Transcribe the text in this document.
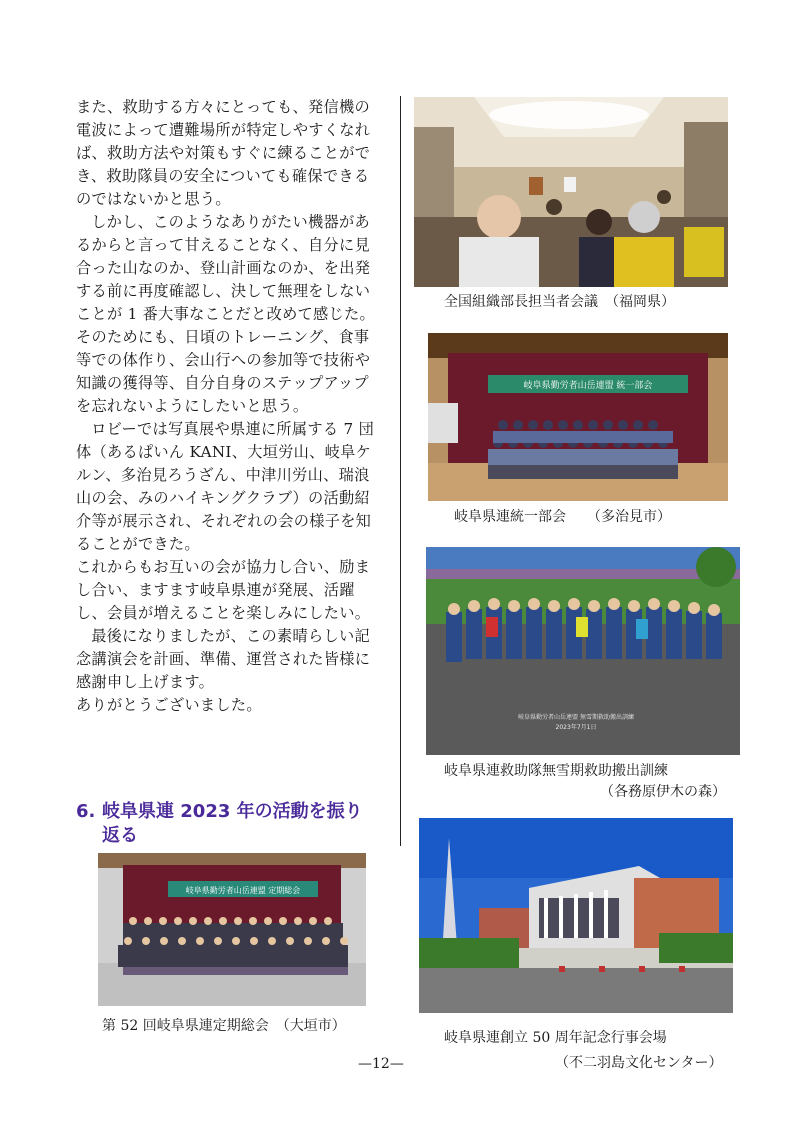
また、救助する方々にとっても、発信機の電波によって遭難場所が特定しやすくなれば、救助方法や対策もすぐに練ることができ、救助隊員の安全についても確保できるのではないかと思う。

しかし、このようなありがたい機器があるからと言って甘えることなく、自分に見合った山なのか、登山計画なのか、を出発する前に再度確認し、決して無理をしないことが 1 番大事なことだと改めて感じた。

そのためにも、日頃のトレーニング、食事等での体作り、会山行への参加等で技術や知識の獲得等、自分自身のステップアップを忘れないようにしたいと思う。

ロビーでは写真展や県連に所属する 7 団体（あるぱいん KANI、大垣労山、岐阜ケルン、多治見ろうざん、中津川労山、瑞浪山の会、みのハイキングクラブ）の活動紹介等が展示され、それぞれの会の様子を知ることができた。

これからもお互いの会が協力し合い、励まし合い、ますます岐阜県連が発展、活躍し、会員が増えることを楽しみにしたい。

最後になりましたが、この素晴らしい記念講演会を計画、準備、運営された皆様に感謝申し上げます。

ありがとうございました。

6. 岐阜県連 2023 年の活動を振り
返る
全国組織部長担当者会議　（福岡県）
岐阜県勤労者山岳連盟 統一部会
岐阜県連統一部会　　（多治見市）
岐阜県勤労者山岳連盟 無雪期救助搬出訓練
2023年7月1日
岐阜県連救助隊無雪期救助搬出訓練
（各務原伊木の森）
岐阜県連創立 50 周年記念行事会場
（不二羽島文化センター）
岐阜県勤労者山岳連盟 定期総会
第 52 回岐阜県連定期総会　（大垣市）
—12—
